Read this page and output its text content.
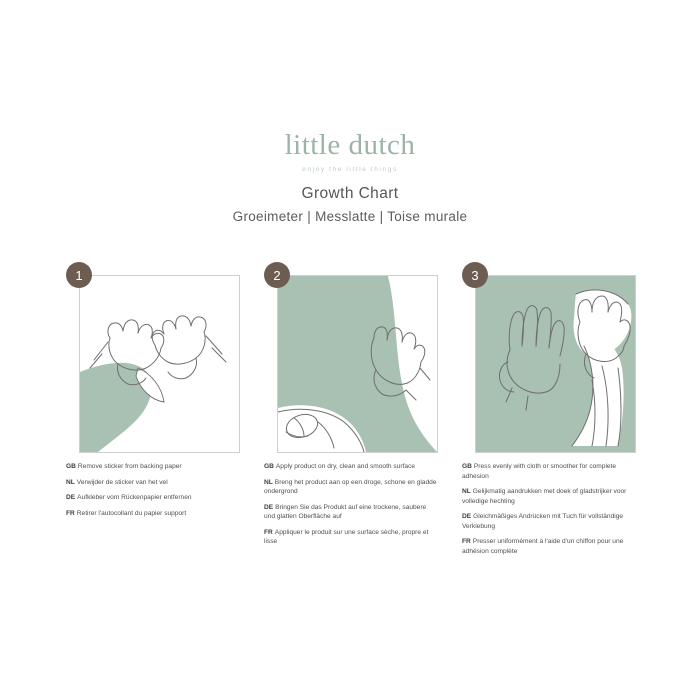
little dutch
enjoy the little things
Growth Chart
Groeimeter | Messlatte | Toise murale
1
GB Remove sticker from backing paper
NL Verwijder de sticker van het vel
DE Aufkleber vom Rückenpapier entfernen
FR Retirer l'autocollant du papier support
2
GB Apply product on dry, clean and smooth surface
NL Breng het product aan op een droge, schone en gladde ondergrond
DE Bringen Sie das Produkt auf eine trockene, saubere und glatten Oberfläche auf
FR Appliquer le produit sur une surface sèche, propre et lisse
3
GB Press evenly with cloth or smoother for complete adhesion
NL Gelijkmatig aandrukken met doek of gladstrijker voor volledige hechting
DE Gleichmäßiges Andrücken mit Tuch für vollständige Verklebung
FR Presser uniformément à l'aide d'un chiffon pour une adhésion complète
